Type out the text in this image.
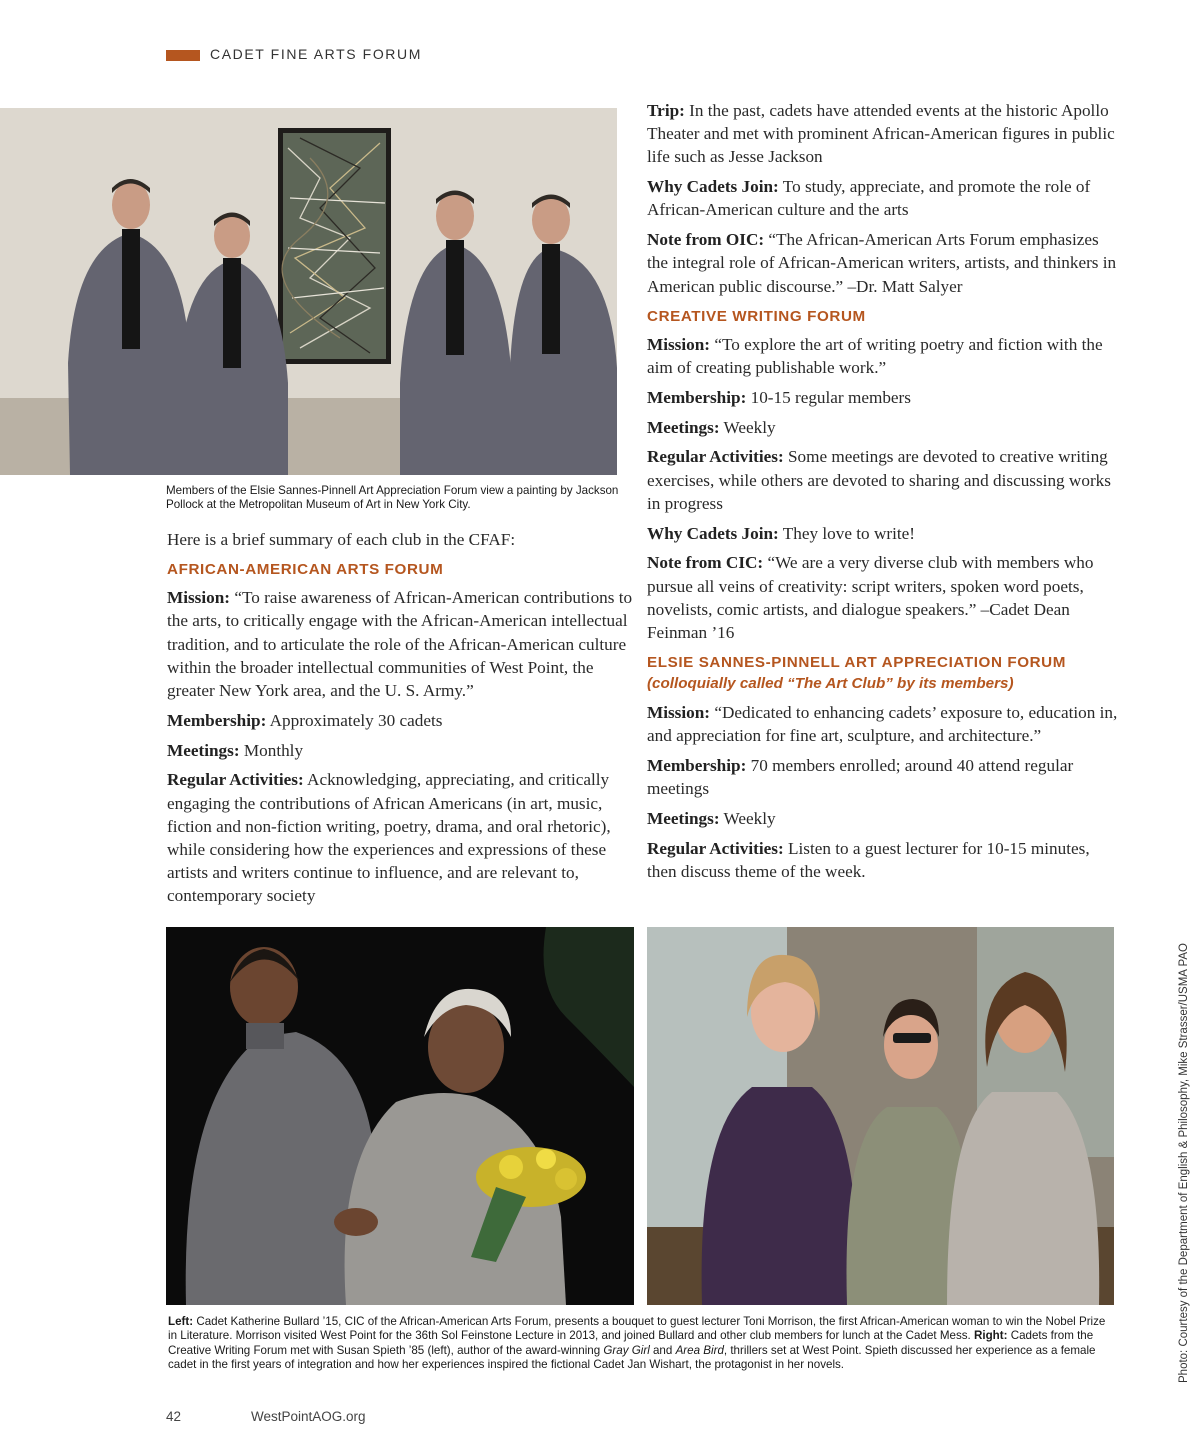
CADET FINE ARTS FORUM
Members of the Elsie Sannes-Pinnell Art Appreciation Forum view a painting by Jackson Pollock at the Metropolitan Museum of Art in New York City.

Here is a brief summary of each club in the CFAF:

AFRICAN-AMERICAN ARTS FORUM

Mission: “To raise awareness of African-American contributions to the arts, to critically engage with the African-American intellectual tradition, and to articulate the role of the African-American culture within the broader intellectual communities of West Point, the greater New York area, and the U. S. Army.”

Membership: Approximately 30 cadets

Meetings: Monthly

Regular Activities: Acknowledging, appreciating, and critically engaging the contributions of African Americans (in art, music, fiction and non-fiction writing, poetry, drama, and oral rhetoric), while considering how the experiences and expressions of these artists and writers continue to influence, and are relevant to, contemporary society

Trip: In the past, cadets have attended events at the historic Apollo Theater and met with prominent African-American figures in public life such as Jesse Jackson

Why Cadets Join: To study, appreciate, and promote the role of African-American culture and the arts

Note from OIC: “The African-American Arts Forum emphasizes the integral role of African-American writers, artists, and thinkers in American public discourse.” –Dr. Matt Salyer

CREATIVE WRITING FORUM

Mission: “To explore the art of writing poetry and fiction with the aim of creating publishable work.”

Membership: 10-15 regular members

Meetings: Weekly

Regular Activities: Some meetings are devoted to creative writing exercises, while others are devoted to sharing and discussing works in progress

Why Cadets Join: They love to write!

Note from CIC: “We are a very diverse club with members who pursue all veins of creativity: script writers, spoken word poets, novelists, comic artists, and dialogue speakers.” –Cadet Dean Feinman ’16

ELSIE SANNES-PINNELL ART APPRECIATION FORUM
(colloquially called “The Art Club” by its members)

Mission: “Dedicated to enhancing cadets’ exposure to, education in, and appreciation for fine art, sculpture, and architecture.”

Membership: 70 members enrolled; around 40 attend regular meetings

Meetings: Weekly

Regular Activities: Listen to a guest lecturer for 10-15 minutes, then discuss theme of the week.

Left: Cadet Katherine Bullard ’15, CIC of the African-American Arts Forum, presents a bouquet to guest lecturer Toni Morrison, the first African-American woman to win the Nobel Prize in Literature. Morrison visited West Point for the 36th Sol Feinstone Lecture in 2013, and joined Bullard and other club members for lunch at the Cadet Mess. Right: Cadets from the Creative Writing Forum met with Susan Spieth ’85 (left), author of the award-winning Gray Girl and Area Bird, thrillers set at West Point. Spieth discussed her experience as a female cadet in the first years of integration and how her experiences inspired the fictional Cadet Jan Wishart, the protagonist in her novels.	Photo: Courtesy of the Department of English & Philosophy, Mike Strasser/USMA PAO
42	WestPointAOG.org
